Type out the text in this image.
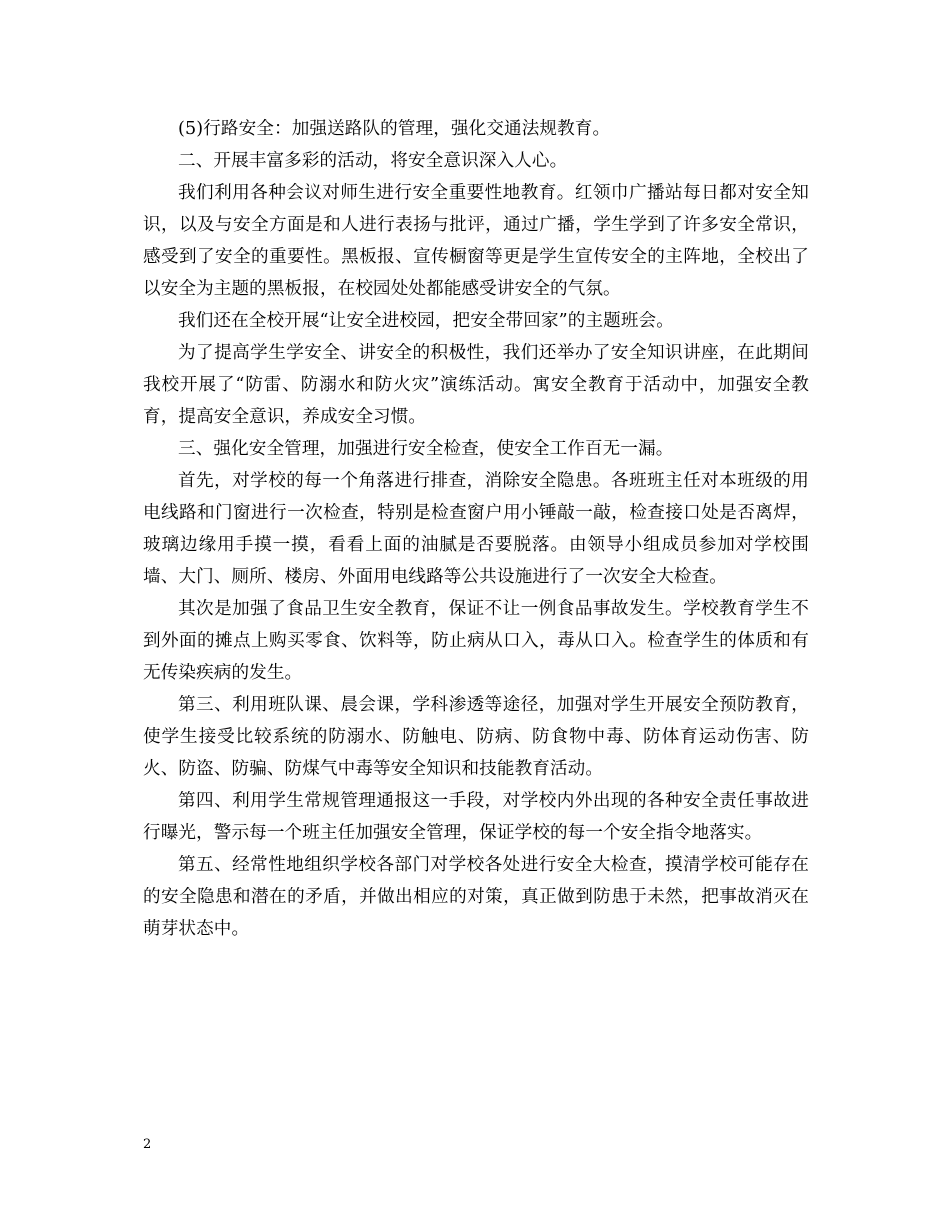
(5)行路安全：加强送路队的管理，强化交通法规教育。

二、开展丰富多彩的活动，将安全意识深入人心。

我们利用各种会议对师生进行安全重要性地教育。红领巾广播站每日都对安全知识，以及与安全方面是和人进行表扬与批评，通过广播，学生学到了许多安全常识，感受到了安全的重要性。黑板报、宣传橱窗等更是学生宣传安全的主阵地，全校出了以安全为主题的黑板报，在校园处处都能感受讲安全的气氛。

我们还在全校开展“让安全进校园，把安全带回家”的主题班会。

为了提高学生学安全、讲安全的积极性，我们还举办了安全知识讲座，在此期间我校开展了“防雷、防溺水和防火灾”演练活动。寓安全教育于活动中，加强安全教育，提高安全意识，养成安全习惯。

三、强化安全管理，加强进行安全检查，使安全工作百无一漏。

首先，对学校的每一个角落进行排查，消除安全隐患。各班班主任对本班级的用电线路和门窗进行一次检查，特别是检查窗户用小锤敲一敲，检查接口处是否离焊，玻璃边缘用手摸一摸，看看上面的油腻是否要脱落。由领导小组成员参加对学校围墙、大门、厕所、楼房、外面用电线路等公共设施进行了一次安全大检查。

其次是加强了食品卫生安全教育，保证不让一例食品事故发生。学校教育学生不到外面的摊点上购买零食、饮料等，防止病从口入，毒从口入。检查学生的体质和有无传染疾病的发生。

第三、利用班队课、晨会课，学科渗透等途径，加强对学生开展安全预防教育，使学生接受比较系统的防溺水、防触电、防病、防食物中毒、防体育运动伤害、防火、防盗、防骗、防煤气中毒等安全知识和技能教育活动。

第四、利用学生常规管理通报这一手段，对学校内外出现的各种安全责任事故进行曝光，警示每一个班主任加强安全管理，保证学校的每一个安全指令地落实。

第五、经常性地组织学校各部门对学校各处进行安全大检查，摸清学校可能存在的安全隐患和潜在的矛盾，并做出相应的对策，真正做到防患于未然，把事故消灭在萌芽状态中。

2
